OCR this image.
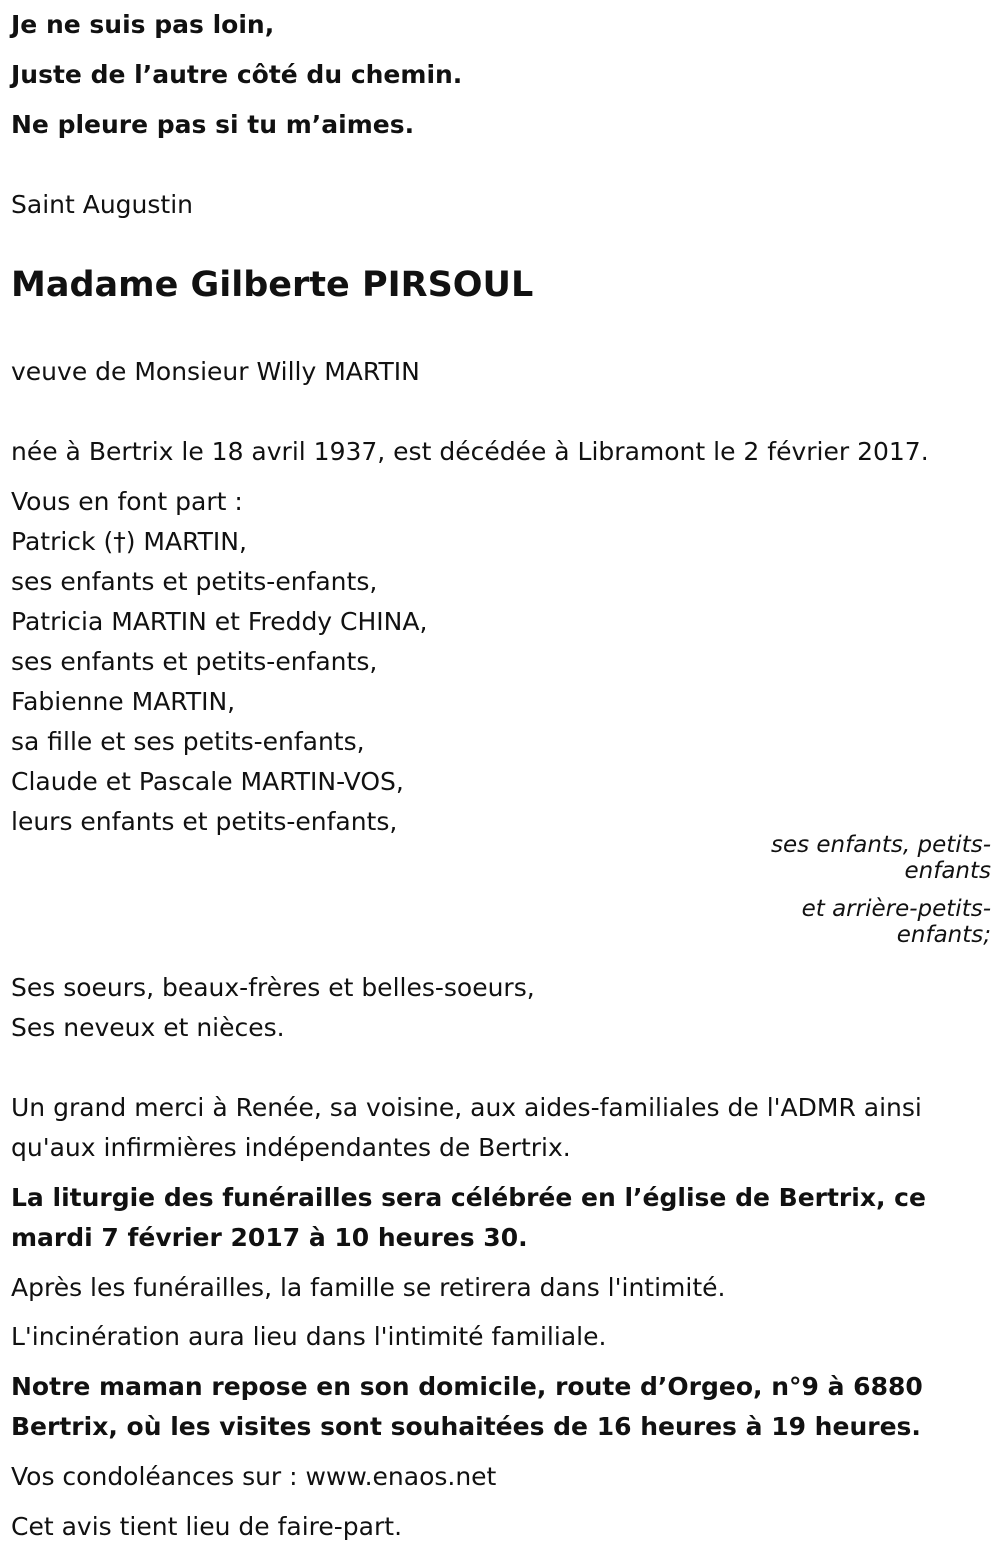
Je ne suis pas loin,

Juste de l’autre côté du chemin.

Ne pleure pas si tu m’aimes.

Saint Augustin

Madame Gilberte PIRSOUL

veuve de Monsieur Willy MARTIN

née à Bertrix le 18 avril 1937, est décédée à Libramont le 2 février 2017.

Vous en font part :

Patrick (†) MARTIN,

ses enfants et petits-enfants,

Patricia MARTIN et Freddy CHINA,

ses enfants et petits-enfants,

Fabienne MARTIN,

sa fille et ses petits-enfants,

Claude et Pascale MARTIN-VOS,

leurs enfants et petits-enfants,

ses enfants, petits-enfants

et arrière-petits-enfants;

Ses soeurs, beaux-frères et belles-soeurs,

Ses neveux et nièces.

Un grand merci à Renée, sa voisine, aux aides-familiales de l'ADMR ainsi

qu'aux infirmières indépendantes de Bertrix.

La liturgie des funérailles sera célébrée en l’église de Bertrix, ce

mardi 7 février 2017 à 10 heures 30.

Après les funérailles, la famille se retirera dans l'intimité.

L'incinération aura lieu dans l'intimité familiale.

Notre maman repose en son domicile, route d’Orgeo, n°9 à 6880

Bertrix, où les visites sont souhaitées de 16 heures à 19 heures.

Vos condoléances sur : www.enaos.net

Cet avis tient lieu de faire-part.
